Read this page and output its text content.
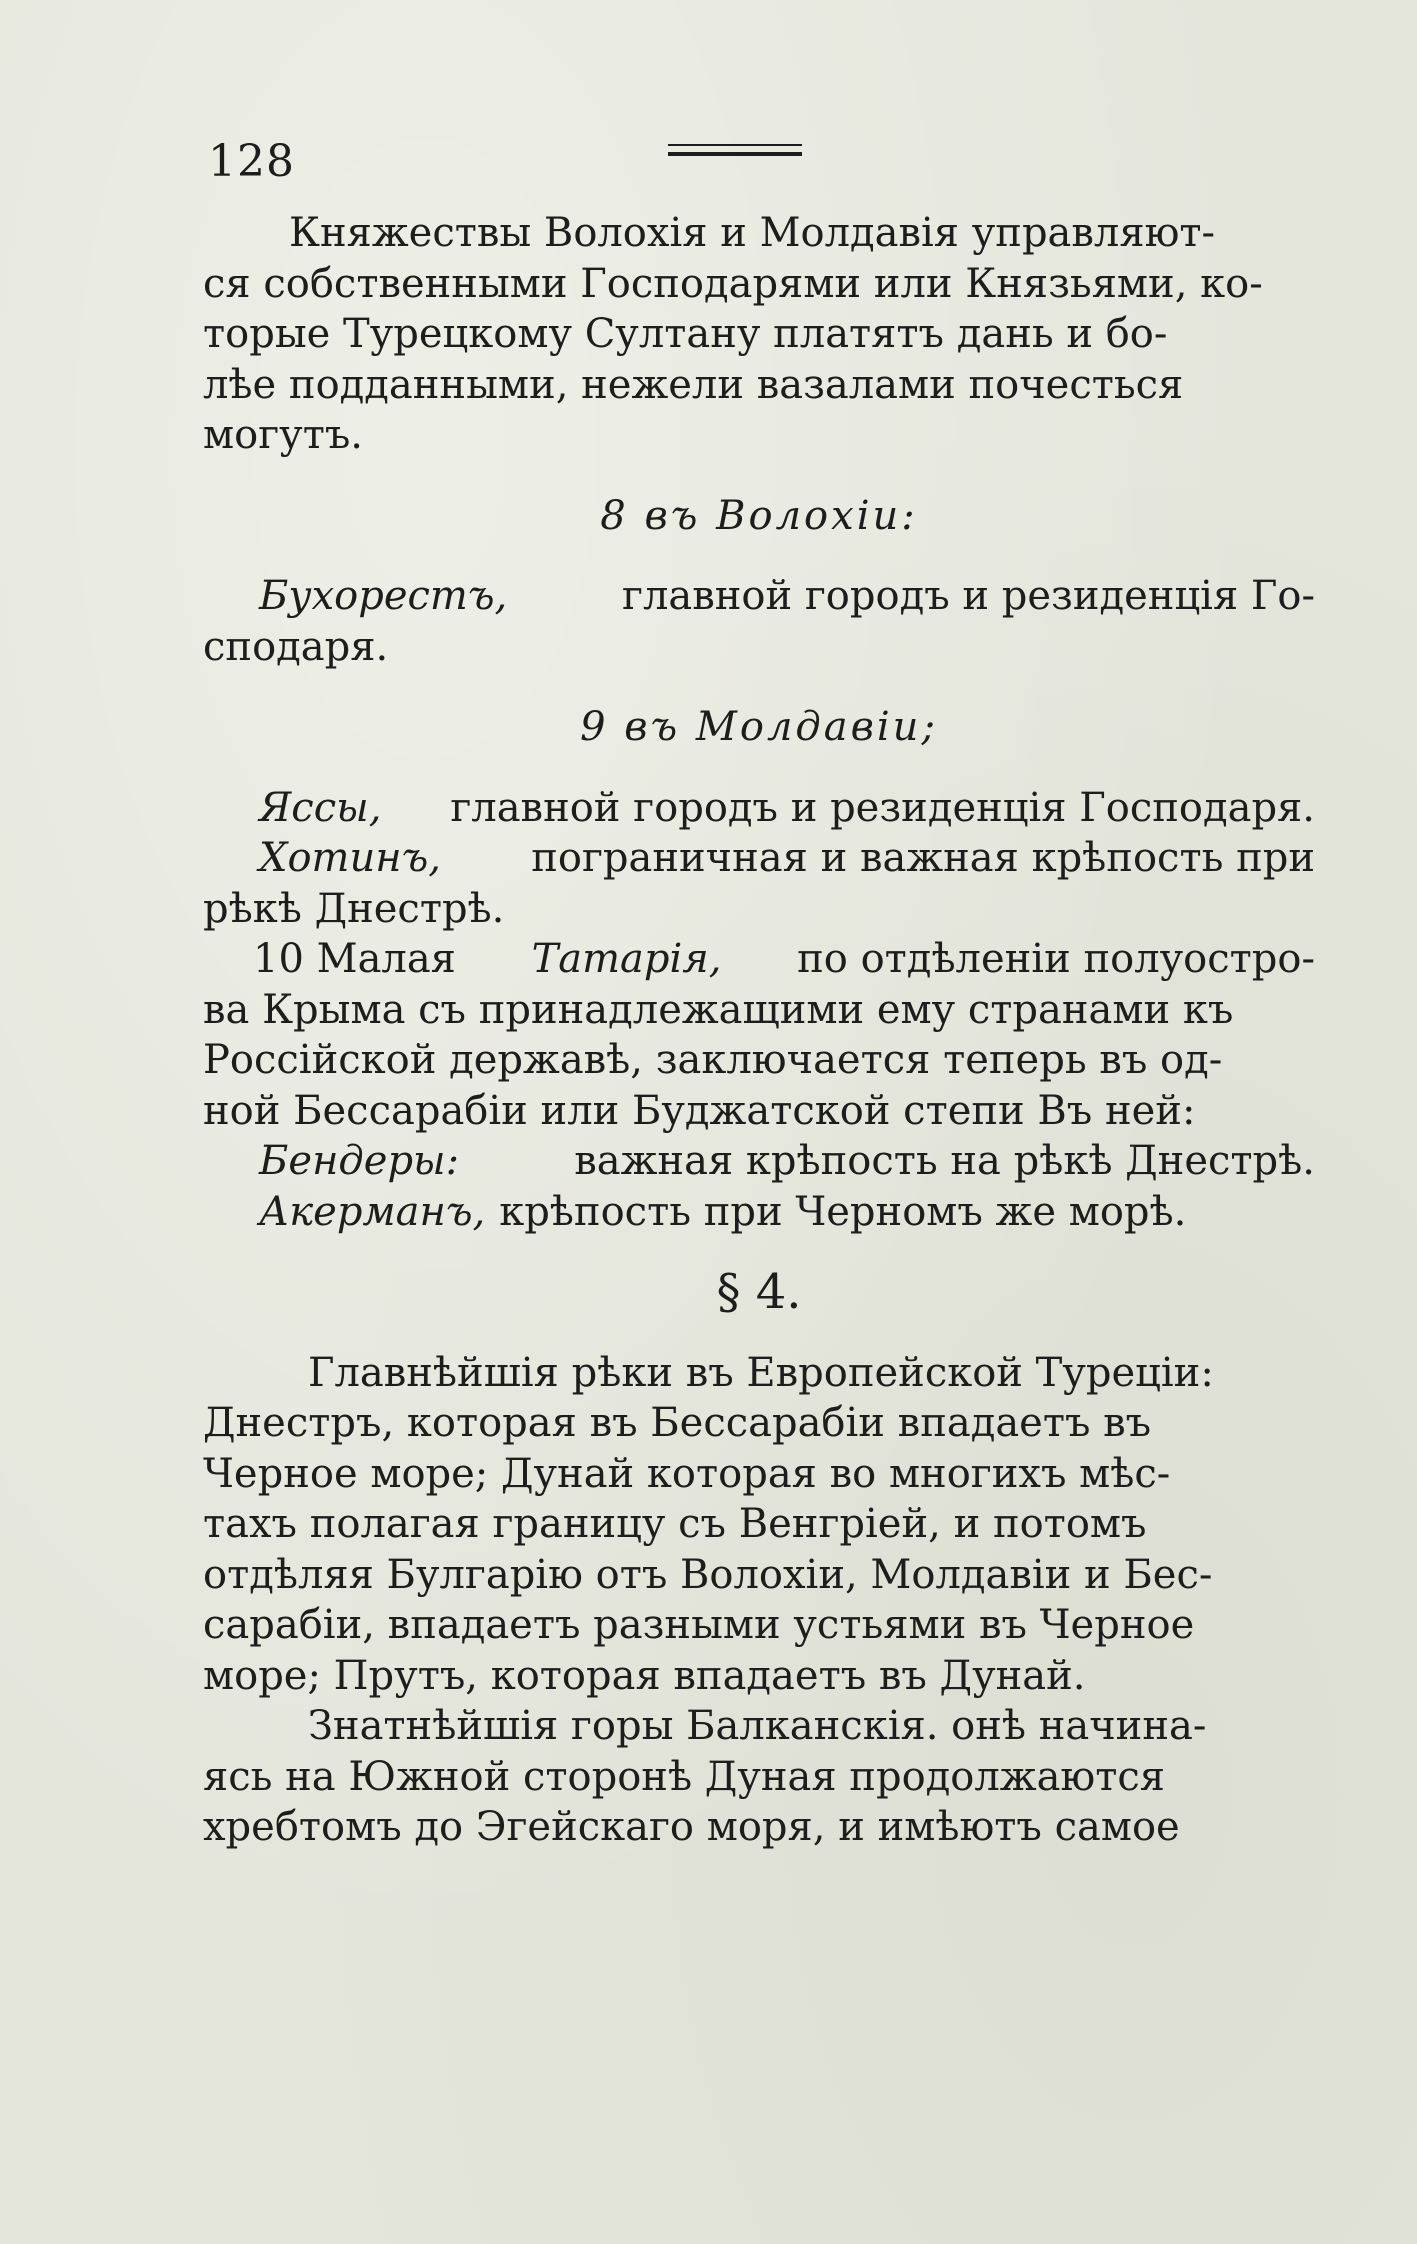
128
Княжествы Волохія и Молдавія управляют-
ся собственными Господарями или Князьями, ко-
торые Турецкому Султану платятъ дань и бо-
лѣе подданными, нежели вазалами почесться
могутъ.
8 въ Волохіи:
Бухорестъ,	главной городъ и резиденція Го-
сподаря.
9 въ Молдавіи;
Яссы, главной городъ и резиденція Господаря.
Хотинъ, пограничная и важная крѣпость при
рѣкѣ Днестрѣ.
10 Малая Татарія, по отдѣленіи полуостро-
ва Крыма съ принадлежащими ему странами къ
Россійской державѣ, заключается теперь въ од-
ной Бессарабіи или Буджатской степи Въ ней:
Бендеры:	важная крѣпость на рѣкѣ Днестрѣ.
Акерманъ, крѣпость при Черномъ же морѣ.
§ 4.
Главнѣйшія рѣки въ Европейской Турецiи:
Днестръ, которая въ Бессарабіи впадаетъ въ
Черное море; Дунай которая во многихъ мѣс-
тахъ полагая границу съ Венгріей, и потомъ
отдѣляя Булгарію отъ Волохіи, Молдавіи и Бес-
сарабіи, впадаетъ разными устьями въ Черное
море; Прутъ, которая впадаетъ въ Дунай.
Знатнѣйшія горы Балканскія. онѣ начина-
ясь на Южной сторонѣ Дуная продолжаются
хребтомъ до Эгейскаго моря, и имѣютъ самое
